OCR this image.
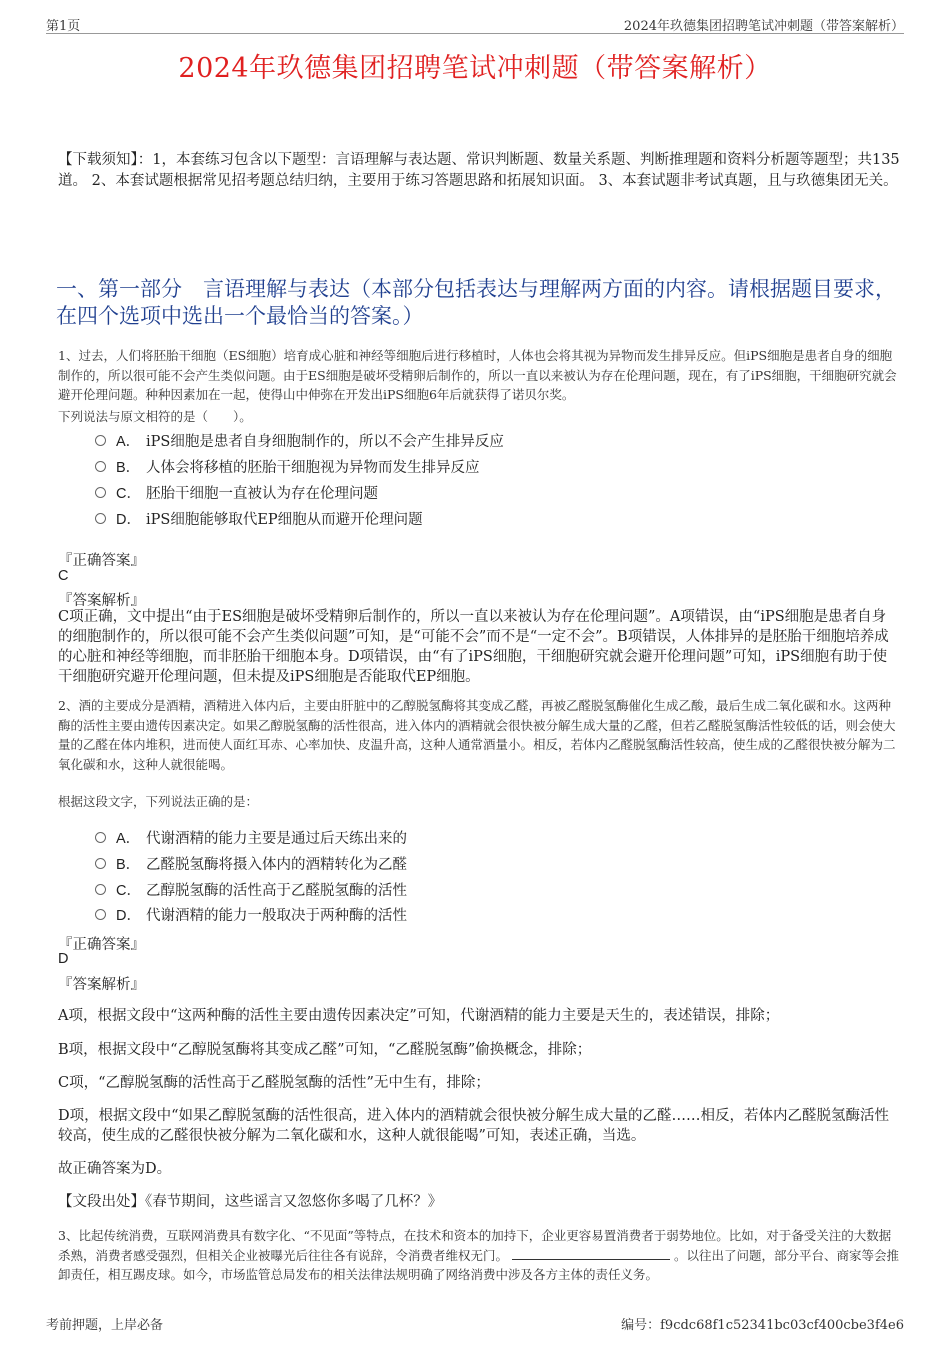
第1页	2024年玖德集团招聘笔试冲刺题（带答案解析）
2024年玖德集团招聘笔试冲刺题（带答案解析）
【下载须知】：1，本套练习包含以下题型：言语理解与表达题、常识判断题、数量关系题、判断推理题和资料分析题等题型；共135道。 2、本套试题根据常见招考题总结归纳，主要用于练习答题思路和拓展知识面。 3、本套试题非考试真题，且与玖德集团无关。
一、第一部分　言语理解与表达（本部分包括表达与理解两方面的内容。请根据题目要求，在四个选项中选出一个最恰当的答案。）
1、过去，人们将胚胎干细胞（ES细胞）培育成心脏和神经等细胞后进行移植时，人体也会将其视为异物而发生排异反应。但iPS细胞是患者自身的细胞制作的，所以很可能不会产生类似问题。由于ES细胞是破坏受精卵后制作的，所以一直以来被认为存在伦理问题，现在，有了iPS细胞，干细胞研究就会避开伦理问题。种种因素加在一起，使得山中伸弥在开发出iPS细胞6年后就获得了诺贝尔奖。
下列说法与原文相符的是（　　）。
A． iPS细胞是患者自身细胞制作的，所以不会产生排异反应
B． 人体会将移植的胚胎干细胞视为异物而发生排异反应
C． 胚胎干细胞一直被认为存在伦理问题
D． iPS细胞能够取代EP细胞从而避开伦理问题
『正确答案』
C
『答案解析』
C项正确，文中提出“由于ES细胞是破坏受精卵后制作的，所以一直以来被认为存在伦理问题”。A项错误，由“iPS细胞是患者自身的细胞制作的，所以很可能不会产生类似问题”可知，是“可能不会”而不是“一定不会”。B项错误，人体排异的是胚胎干细胞培养成的心脏和神经等细胞，而非胚胎干细胞本身。D项错误，由“有了iPS细胞，干细胞研究就会避开伦理问题”可知，iPS细胞有助于使干细胞研究避开伦理问题，但未提及iPS细胞是否能取代EP细胞。
2、酒的主要成分是酒精，酒精进入体内后，主要由肝脏中的乙醇脱氢酶将其变成乙醛，再被乙醛脱氢酶催化生成乙酸，最后生成二氧化碳和水。这两种酶的活性主要由遗传因素决定。如果乙醇脱氢酶的活性很高，进入体内的酒精就会很快被分解生成大量的乙醛，但若乙醛脱氢酶活性较低的话，则会使大量的乙醛在体内堆积，进而使人面红耳赤、心率加快、皮温升高，这种人通常酒量小。相反，若体内乙醛脱氢酶活性较高，使生成的乙醛很快被分解为二氧化碳和水，这种人就很能喝。
根据这段文字，下列说法正确的是：
A． 代谢酒精的能力主要是通过后天练出来的
B． 乙醛脱氢酶将摄入体内的酒精转化为乙醛
C． 乙醇脱氢酶的活性高于乙醛脱氢酶的活性
D． 代谢酒精的能力一般取决于两种酶的活性
『正确答案』
D
『答案解析』
A项，根据文段中“这两种酶的活性主要由遗传因素决定”可知，代谢酒精的能力主要是天生的，表述错误，排除；
B项，根据文段中“乙醇脱氢酶将其变成乙醛”可知，“乙醛脱氢酶”偷换概念，排除；
C项，“乙醇脱氢酶的活性高于乙醛脱氢酶的活性”无中生有，排除；
D项，根据文段中“如果乙醇脱氢酶的活性很高，进入体内的酒精就会很快被分解生成大量的乙醛……相反，若体内乙醛脱氢酶活性较高，使生成的乙醛很快被分解为二氧化碳和水，这种人就很能喝”可知，表述正确，当选。
故正确答案为D。
【文段出处】《春节期间，这些谣言又忽悠你多喝了几杯？》
3、比起传统消费，互联网消费具有数字化、“不见面”等特点，在技术和资本的加持下，企业更容易置消费者于弱势地位。比如，对于备受关注的大数据杀熟，消费者感受强烈，但相关企业被曝光后往往各有说辞，令消费者维权无门。	。以往出了问题，部分平台、商家等会推卸责任，相互踢皮球。如今，市场监管总局发布的相关法律法规明确了网络消费中涉及各方主体的责任义务。
考前押题，上岸必备	编号：f9cdc68f1c52341bc03cf400cbe3f4e6
